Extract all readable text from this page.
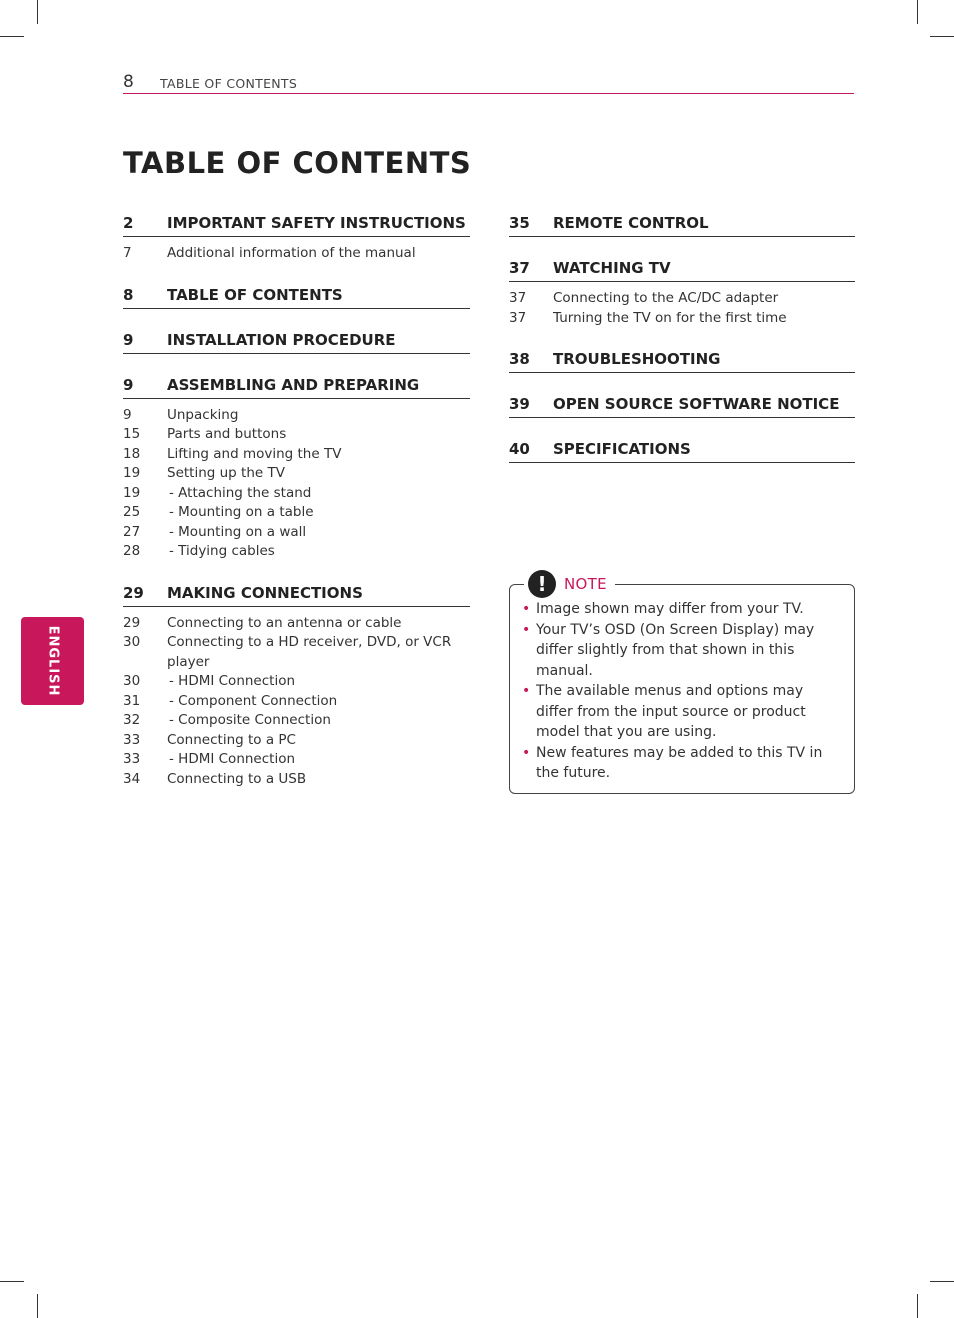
8 TABLE OF CONTENTS
ENGLISH
TABLE OF CONTENTS
2	IMPORTANT SAFETY INSTRUCTIONS
7	Additional information of the manual
8	TABLE OF CONTENTS
9	INSTALLATION PROCEDURE
9	ASSEMBLING AND PREPARING
9	Unpacking
15	Parts and buttons
18	Lifting and moving the TV
19	Setting up the TV
19	- Attaching the stand
25	- Mounting on a table
27	- Mounting on a wall
28	- Tidying cables
29	MAKING CONNECTIONS
29	Connecting to an antenna or cable
30	Connecting to a HD receiver, DVD, or VCR player
30	- HDMI Connection
31	- Component Connection
32	- Composite Connection
33	Connecting to a PC
33	- HDMI Connection
34	Connecting to a USB
35	REMOTE CONTROL
37	WATCHING TV
37	Connecting to the AC/DC adapter
37	Turning the TV on for the first time
38	TROUBLESHOOTING
39	OPEN SOURCE SOFTWARE NOTICE
40	SPECIFICATIONS
!	NOTE
• Image shown may differ from your TV.
• Your TV’s OSD (On Screen Display) may differ slightly from that shown in this manual.
• The available menus and options may differ from the input source or product model that you are using.
• New features may be added to this TV in the future.
